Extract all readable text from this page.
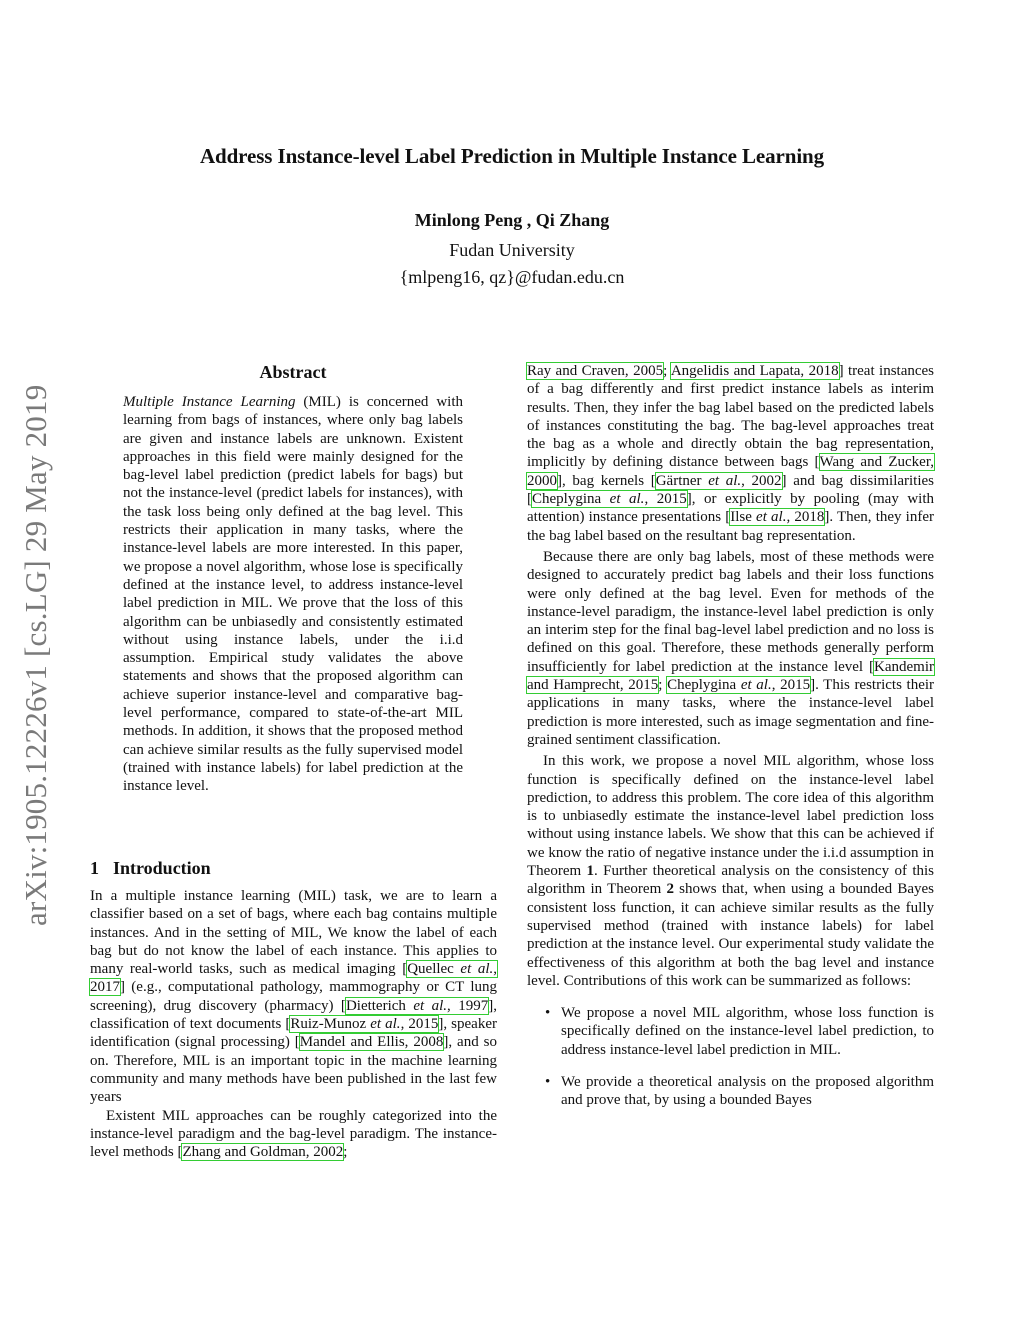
Address Instance-level Label Prediction in Multiple Instance Learning
Minlong Peng , Qi Zhang
Fudan University
{mlpeng16, qz}@fudan.edu.cn
arXiv:1905.12226v1 [cs.LG] 29 May 2019
Abstract

Multiple Instance Learning (MIL) is concerned with learning from bags of instances, where only bag labels are given and instance labels are unknown. Existent approaches in this field were mainly designed for the bag-level label prediction (predict labels for bags) but not the instance-level (predict labels for instances), with the task loss being only defined at the bag level. This restricts their application in many tasks, where the instance-level labels are more interested. In this paper, we propose a novel algorithm, whose lose is specifically defined at the instance level, to address instance-level label prediction in MIL. We prove that the loss of this algorithm can be unbiasedly and consistently estimated without using instance labels, under the i.i.d assumption. Empirical study validates the above statements and shows that the proposed algorithm can achieve superior instance-level and comparative bag-level performance, compared to state-of-the-art MIL methods. In addition, it shows that the proposed method can achieve similar results as the fully supervised model (trained with instance labels) for label prediction at the instance level.

1 Introduction

In a multiple instance learning (MIL) task, we are to learn a classifier based on a set of bags, where each bag contains multiple instances. And in the setting of MIL, We know the label of each bag but do not know the label of each instance. This applies to many real-world tasks, such as medical imaging [Quellec et al., 2017] (e.g., computational pathology, mammography or CT lung screening), drug discovery (pharmacy) [Dietterich et al., 1997], classification of text documents [Ruiz-Munoz et al., 2015], speaker identification (signal processing) [Mandel and Ellis, 2008], and so on. Therefore, MIL is an important topic in the machine learning community and many methods have been published in the last few years

Existent MIL approaches can be roughly categorized into the instance-level paradigm and the bag-level paradigm. The instance-level methods [Zhang and Goldman, 2002;

Ray and Craven, 2005; Angelidis and Lapata, 2018] treat instances of a bag differently and first predict instance labels as interim results. Then, they infer the bag label based on the predicted labels of instances constituting the bag. The bag-level approaches treat the bag as a whole and directly obtain the bag representation, implicitly by defining distance between bags [Wang and Zucker, 2000], bag kernels [Gärtner et al., 2002] and bag dissimilarities [Cheplygina et al., 2015], or explicitly by pooling (may with attention) instance presentations [Ilse et al., 2018]. Then, they infer the bag label based on the resultant bag representation.

Because there are only bag labels, most of these methods were designed to accurately predict bag labels and their loss functions were only defined at the bag level. Even for methods of the instance-level paradigm, the instance-level label prediction is only an interim step for the final bag-level label prediction and no loss is defined on this goal. Therefore, these methods generally perform insufficiently for label prediction at the instance level [Kandemir and Hamprecht, 2015; Cheplygina et al., 2015]. This restricts their applications in many tasks, where the instance-level label prediction is more interested, such as image segmentation and fine-grained sentiment classification.

In this work, we propose a novel MIL algorithm, whose loss function is specifically defined on the instance-level label prediction, to address this problem. The core idea of this algorithm is to unbiasedly estimate the instance-level label prediction loss without using instance labels. We show that this can be achieved if we know the ratio of negative instance under the i.i.d assumption in Theorem 1. Further theoretical analysis on the consistency of this algorithm in Theorem 2 shows that, when using a bounded Bayes consistent loss function, it can achieve similar results as the fully supervised method (trained with instance labels) for label prediction at the instance level. Our experimental study validate the effectiveness of this algorithm at both the bag level and instance level. Contributions of this work can be summarized as follows:

• We propose a novel MIL algorithm, whose loss function is specifically defined on the instance-level label prediction, to address instance-level label prediction in MIL.
• We provide a theoretical analysis on the proposed algorithm and prove that, by using a bounded Bayes
